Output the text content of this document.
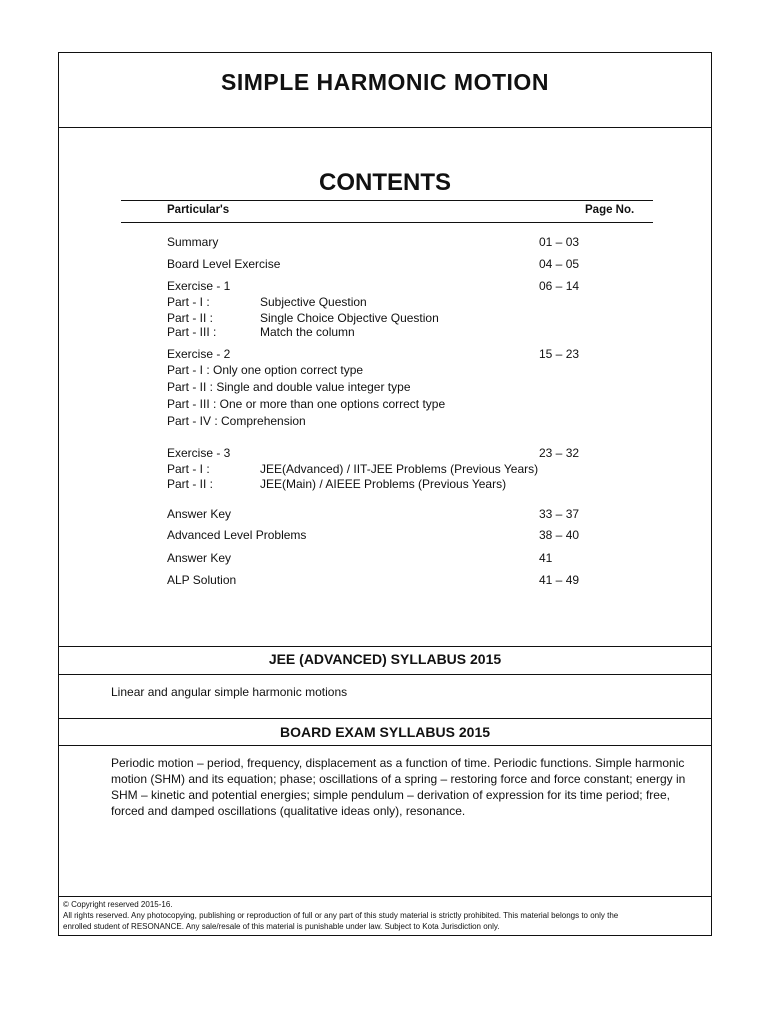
SIMPLE HARMONIC MOTION
CONTENTS
Particular's	Page No.
Summary	01 – 03
Board Level Exercise	04 – 05
Exercise - 1	06 – 14
Part - I :	Subjective Question
Part - II :	Single Choice Objective Question
Part - III :	Match the column
Exercise - 2	15 – 23
Part - I : Only one option correct type
Part - II : Single and double value integer type
Part - III : One or more than one options correct type
Part - IV : Comprehension
Exercise - 3	23 – 32
Part - I :	JEE(Advanced) / IIT-JEE Problems (Previous Years)
Part - II :	JEE(Main) / AIEEE Problems (Previous Years)
Answer Key	33 – 37
Advanced Level Problems	38 – 40
Answer Key	41
ALP Solution	41 – 49
JEE (ADVANCED) SYLLABUS 2015
Linear and angular simple harmonic motions
BOARD EXAM SYLLABUS 2015
Periodic motion – period, frequency, displacement as a function of time. Periodic functions. Simple harmonic
motion (SHM) and its equation; phase; oscillations of a spring – restoring force and force constant; energy in
SHM – kinetic and potential energies; simple pendulum – derivation of expression for its time period; free,
forced and damped oscillations (qualitative ideas only), resonance.
© Copyright reserved 2015-16.
All rights reserved. Any photocopying, publishing or reproduction of full or any part of this study material is strictly prohibited. This material belongs to only the
enrolled student of RESONANCE. Any sale/resale of this material is punishable under law. Subject to Kota Jurisdiction only.
